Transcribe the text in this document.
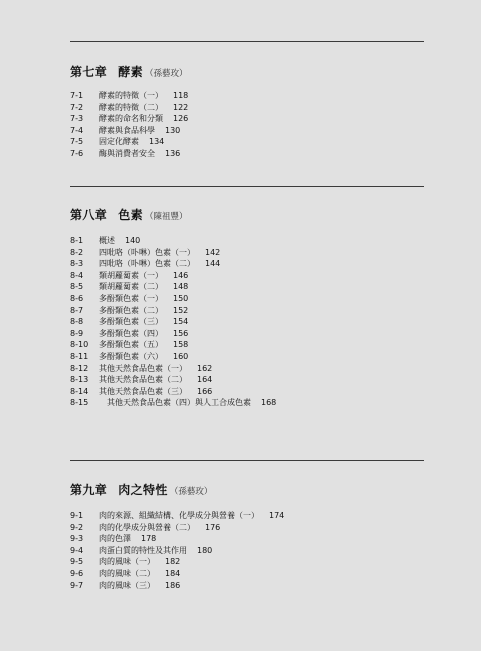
第七章 酵素 （孫藝玫）
7-1	酵素的特徵（一） 118
7-2	酵素的特徵（二） 122
7-3	酵素的命名和分類 126
7-4	酵素與食品科學 130
7-5	固定化酵素 134
7-6	酶與消費者安全 136
第八章 色素 （陳祖豐）
8-1	概述 140
8-2	四吡咯（卟啉）色素（一） 142
8-3	四吡咯（卟啉）色素（二） 144
8-4	類胡蘿蔔素（一） 146
8-5	類胡蘿蔔素（二） 148
8-6	多酚類色素（一） 150
8-7	多酚類色素（二） 152
8-8	多酚類色素（三） 154
8-9	多酚類色素（四） 156
8-10	多酚類色素（五） 158
8-11	多酚類色素（六） 160
8-12	其他天然食品色素（一） 162
8-13	其他天然食品色素（二） 164
8-14	其他天然食品色素（三） 166
8-15	其他天然食品色素（四）與人工合成色素 168
第九章 肉之特性 （孫藝玫）
9-1	肉的來源、組織結構、化學成分與營養（一） 174
9-2	肉的化學成分與營養（二） 176
9-3	肉的色澤 178
9-4	肉蛋白質的特性及其作用 180
9-5	肉的風味（一） 182
9-6	肉的風味（二） 184
9-7	肉的風味（三） 186
